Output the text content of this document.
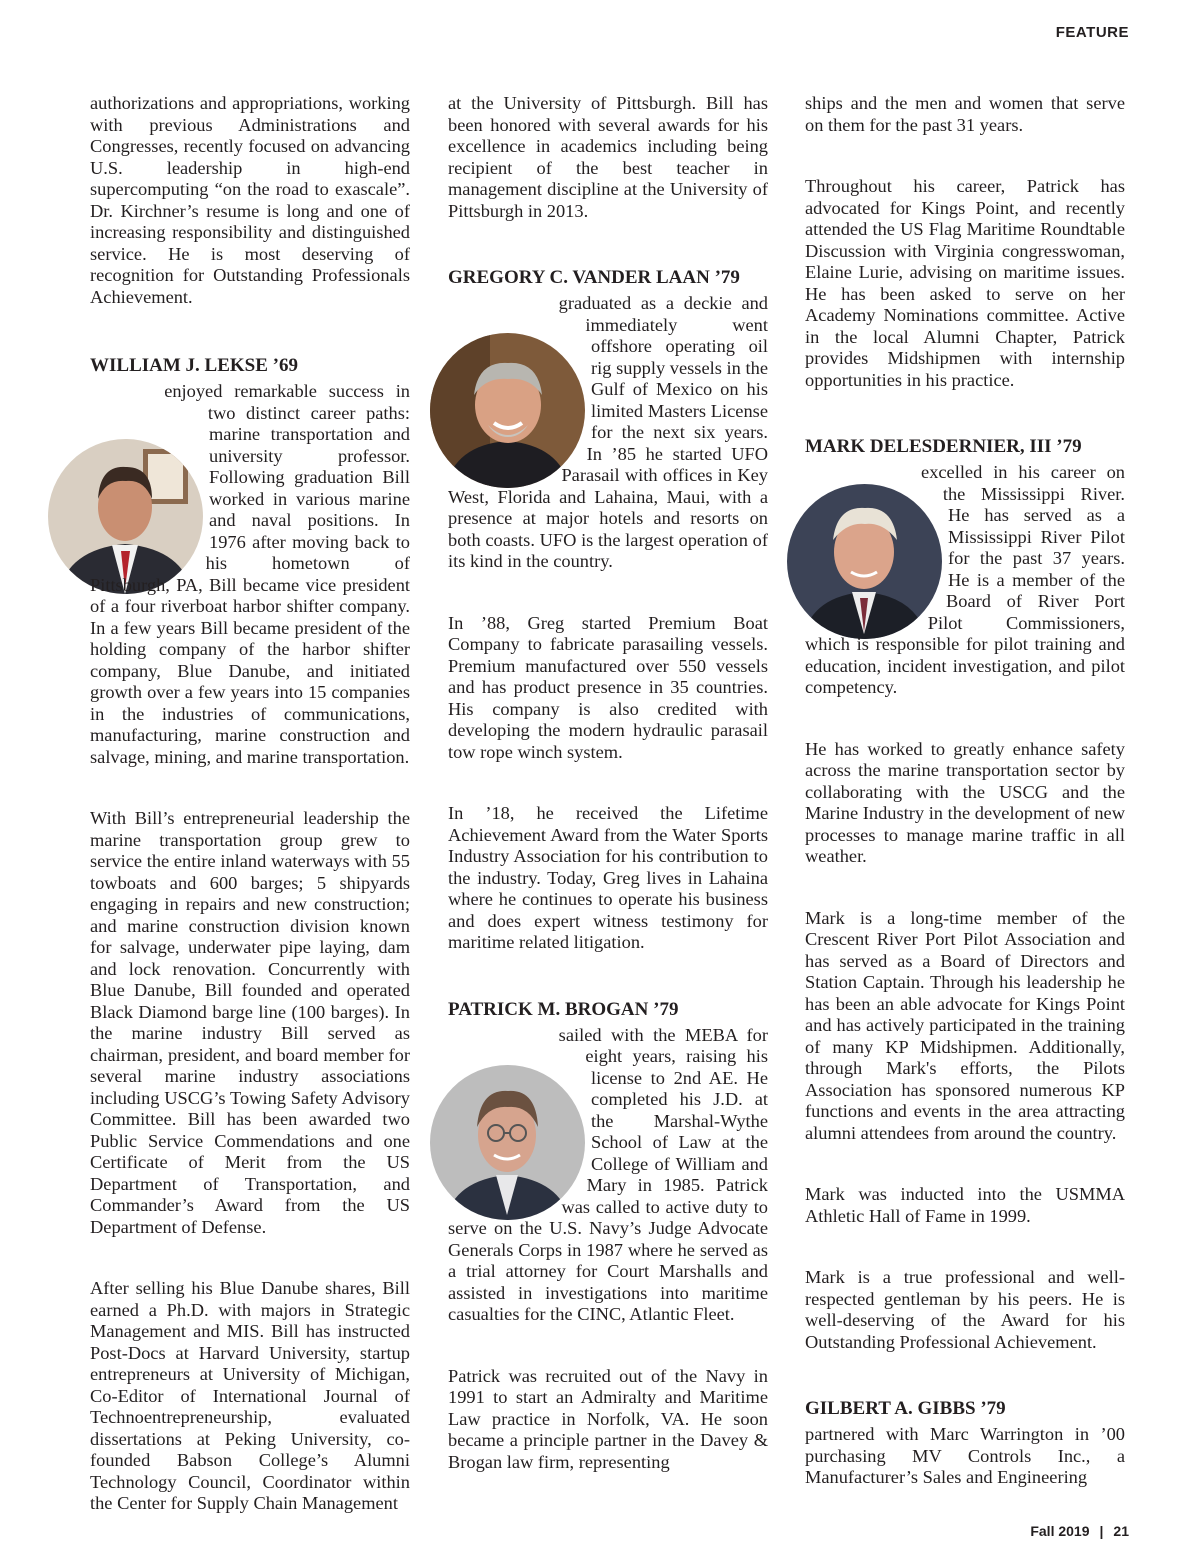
FEATURE

authorizations and appropriations, working with previous Administrations and Congresses, recently focused on advancing U.S. leadership in high-end supercomputing “on the road to exascale”. Dr. Kirchner’s resume is long and one of increasing responsibility and distinguished service. He is most deserving of recognition for Outstanding Professionals Achievement.

WILLIAM J. LEKSE ’69

enjoyed remarkable success in two distinct career paths: marine transportation and university professor. Following graduation Bill worked in various marine and naval positions. In 1976 after moving back to his hometown of Pittsburgh, PA, Bill became vice president of a four riverboat harbor shifter company. In a few years Bill became president of the holding company of the harbor shifter company, Blue Danube, and initiated growth over a few years into 15 companies in the industries of communications, manufacturing, marine construction and salvage, mining, and marine transportation.

With Bill’s entrepreneurial leadership the marine transportation group grew to service the entire inland waterways with 55 towboats and 600 barges; 5 shipyards engaging in repairs and new construction; and marine construction division known for salvage, underwater pipe laying, dam and lock renovation. Concurrently with Blue Danube, Bill founded and operated Black Diamond barge line (100 barges). In the marine industry Bill served as chairman, president, and board member for several marine industry associations including USCG’s Towing Safety Advisory Committee. Bill has been awarded two Public Service Commendations and one Certificate of Merit from the US Department of Transportation, and Commander’s Award from the US Department of Defense.

After selling his Blue Danube shares, Bill earned a Ph.D. with majors in Strategic Management and MIS. Bill has instructed Post-Docs at Harvard University, startup entrepreneurs at University of Michigan, Co-Editor of International Journal of Technoentrepreneurship, evaluated dissertations at Peking University, co-founded Babson College’s Alumni Technology Council, Coordinator within the Center for Supply Chain Management

at the University of Pittsburgh. Bill has been honored with several awards for his excellence in academics including being recipient of the best teacher in management discipline at the University of Pittsburgh in 2013.

GREGORY C. VANDER LAAN ’79

graduated as a deckie and immediately went offshore operating oil rig supply vessels in the Gulf of Mexico on his limited Masters License for the next six years. In ’85 he started UFO Parasail with offices in Key West, Florida and Lahaina, Maui, with a presence at major hotels and resorts on both coasts. UFO is the largest operation of its kind in the country.

In ’88, Greg started Premium Boat Company to fabricate parasailing vessels. Premium manufactured over 550 vessels and has product presence in 35 countries. His company is also credited with developing the modern hydraulic parasail tow rope winch system.

In ’18, he received the Lifetime Achievement Award from the Water Sports Industry Association for his contribution to the industry. Today, Greg lives in Lahaina where he continues to operate his business and does expert witness testimony for maritime related litigation.

PATRICK M. BROGAN ’79

sailed with the MEBA for eight years, raising his license to 2nd AE. He completed his J.D. at the Marshal-Wythe School of Law at the College of William and Mary in 1985. Patrick was called to active duty to serve on the U.S. Navy’s Judge Advocate Generals Corps in 1987 where he served as a trial attorney for Court Marshalls and assisted in investigations into maritime casualties for the CINC, Atlantic Fleet.

Patrick was recruited out of the Navy in 1991 to start an Admiralty and Maritime Law practice in Norfolk, VA. He soon became a principle partner in the Davey & Brogan law firm, representing

ships and the men and women that serve on them for the past 31 years.

Throughout his career, Patrick has advocated for Kings Point, and recently attended the US Flag Maritime Roundtable Discussion with Virginia congresswoman, Elaine Lurie, advising on maritime issues. He has been asked to serve on her Academy Nominations committee. Active in the local Alumni Chapter, Patrick provides Midshipmen with internship opportunities in his practice.

MARK DELESDERNIER, III ’79

excelled in his career on the Mississippi River. He has served as a Mississippi River Pilot for the past 37 years. He is a member of the Board of River Port Pilot Commissioners, which is responsible for pilot training and education, incident investigation, and pilot competency.

He has worked to greatly enhance safety across the marine transportation sector by collaborating with the USCG and the Marine Industry in the development of new processes to manage marine traffic in all weather.

Mark is a long-time member of the Crescent River Port Pilot Association and has served as a Board of Directors and Station Captain. Through his leadership he has been an able advocate for Kings Point and has actively participated in the training of many KP Midshipmen. Additionally, through Mark's efforts, the Pilots Association has sponsored numerous KP functions and events in the area attracting alumni attendees from around the country.

Mark was inducted into the USMMA Athletic Hall of Fame in 1999.

Mark is a true professional and well-respected gentleman by his peers. He is well-deserving of the Award for his Outstanding Professional Achievement.

GILBERT A. GIBBS ’79

partnered with Marc Warrington in ’00 purchasing MV Controls Inc., a Manufacturer’s Sales and Engineering

Fall 2019 | 21
